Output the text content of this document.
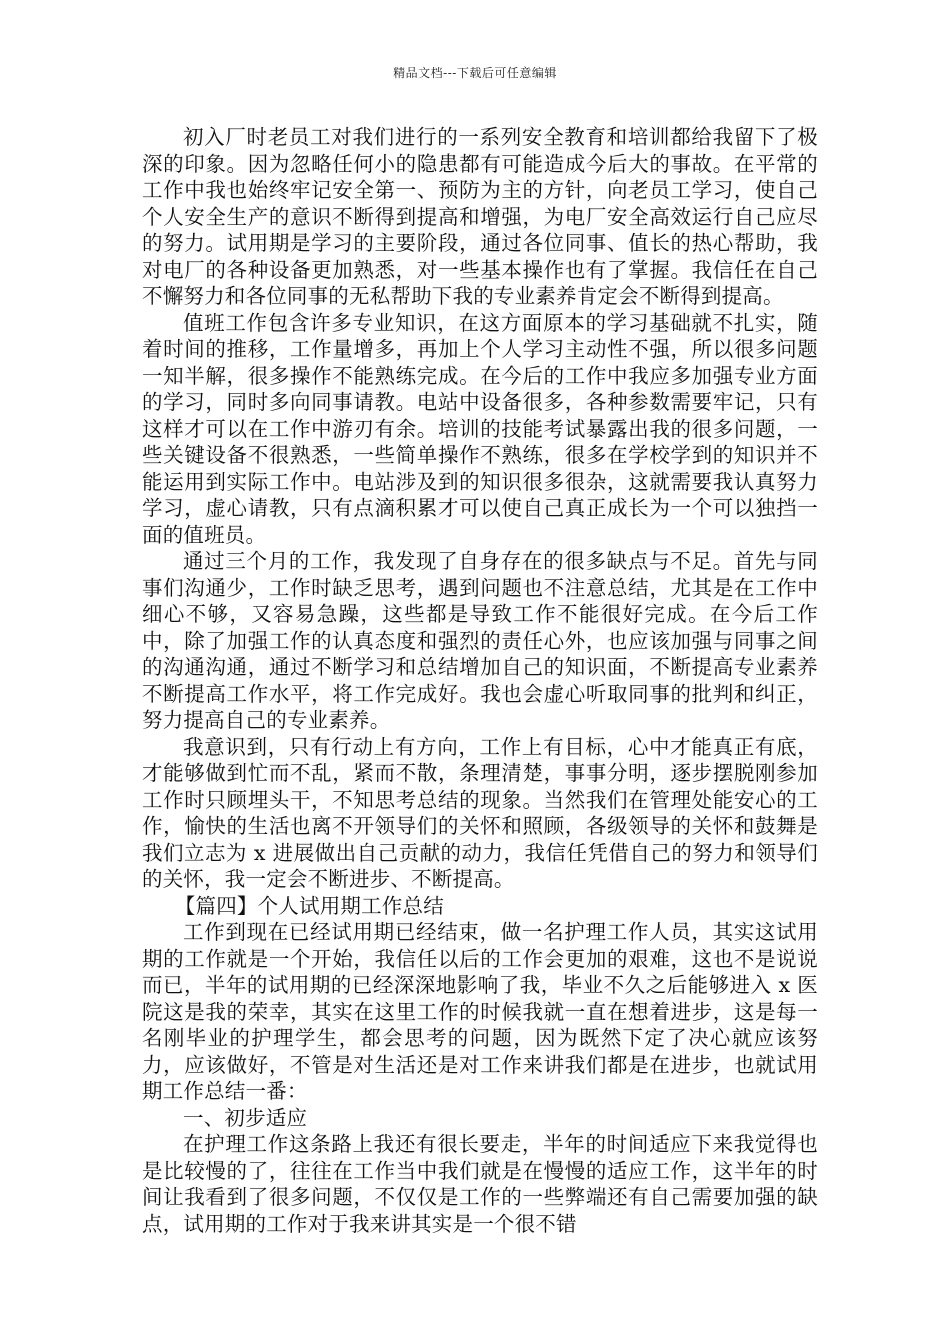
精品文档---下载后可任意编辑

初入厂时老员工对我们进行的一系列安全教育和培训都给我留下了极深的印象。因为忽略任何小的隐患都有可能造成今后大的事故。在平常的工作中我也始终牢记安全第一、预防为主的方针，向老员工学习，使自己个人安全生产的意识不断得到提高和增强，为电厂安全高效运行自己应尽的努力。试用期是学习的主要阶段，通过各位同事、值长的热心帮助，我对电厂的各种设备更加熟悉，对一些基本操作也有了掌握。我信任在自己不懈努力和各位同事的无私帮助下我的专业素养肯定会不断得到提高。

值班工作包含许多专业知识，在这方面原本的学习基础就不扎实，随着时间的推移，工作量增多，再加上个人学习主动性不强，所以很多问题一知半解，很多操作不能熟练完成。在今后的工作中我应多加强专业方面的学习，同时多向同事请教。电站中设备很多，各种参数需要牢记，只有这样才可以在工作中游刃有余。培训的技能考试暴露出我的很多问题，一些关键设备不很熟悉，一些简单操作不熟练，很多在学校学到的知识并不能运用到实际工作中。电站涉及到的知识很多很杂，这就需要我认真努力学习，虚心请教，只有点滴积累才可以使自己真正成长为一个可以独挡一面的值班员。

通过三个月的工作，我发现了自身存在的很多缺点与不足。首先与同事们沟通少，工作时缺乏思考，遇到问题也不注意总结，尤其是在工作中细心不够，又容易急躁，这些都是导致工作不能很好完成。在今后工作中，除了加强工作的认真态度和强烈的责任心外，也应该加强与同事之间的沟通沟通，通过不断学习和总结增加自己的知识面，不断提高专业素养不断提高工作水平，将工作完成好。我也会虚心听取同事的批判和纠正，努力提高自己的专业素养。

我意识到，只有行动上有方向，工作上有目标，心中才能真正有底，才能够做到忙而不乱，紧而不散，条理清楚，事事分明，逐步摆脱刚参加工作时只顾埋头干，不知思考总结的现象。当然我们在管理处能安心的工作，愉快的生活也离不开领导们的关怀和照顾，各级领导的关怀和鼓舞是我们立志为 x 进展做出自己贡献的动力，我信任凭借自己的努力和领导们的关怀，我一定会不断进步、不断提高。

【篇四】个人试用期工作总结

工作到现在已经试用期已经结束，做一名护理工作人员，其实这试用期的工作就是一个开始，我信任以后的工作会更加的艰难，这也不是说说而已，半年的试用期的已经深深地影响了我，毕业不久之后能够进入 x 医院这是我的荣幸，其实在这里工作的时候我就一直在想着进步，这是每一名刚毕业的护理学生，都会思考的问题，因为既然下定了决心就应该努力，应该做好，不管是对生活还是对工作来讲我们都是在进步，也就试用期工作总结一番：

一、初步适应

在护理工作这条路上我还有很长要走，半年的时间适应下来我觉得也是比较慢的了，往往在工作当中我们就是在慢慢的适应工作，这半年的时间让我看到了很多问题，不仅仅是工作的一些弊端还有自己需要加强的缺点，试用期的工作对于我来讲其实是一个很不错
